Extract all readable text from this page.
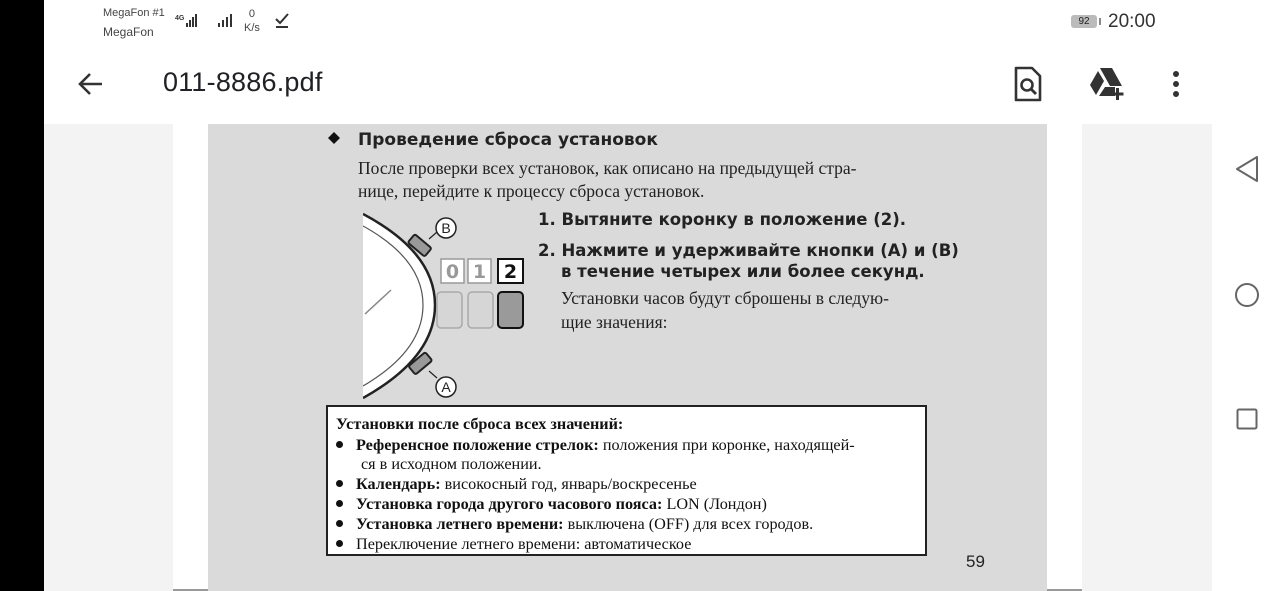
MegaFon #1
MegaFon
4G	0
K/s
92 20:00
011-8886.pdf
Проведение сброса установок
После проверки всех установок, как описано на предыдущей стра-
нице, перейдите к процессу сброса установок.
B
A
0 1 2
1. Вытяните коронку в положение (2).
2. Нажмите и удерживайте кнопки (A) и (B)
в течение четырех или более секунд.
Установки часов будут сброшены в следую-
щие значения:
Установки после сброса всех значений:
Референсное положение стрелок: положения при коронке, находящей-
ся в исходном положении.
Календарь: високосный год, январь/воскресенье
Установка города другого часового пояса: LON (Лондон)
Установка летнего времени: выключена (OFF) для всех городов.
Переключение летнего времени: автоматическое
59
